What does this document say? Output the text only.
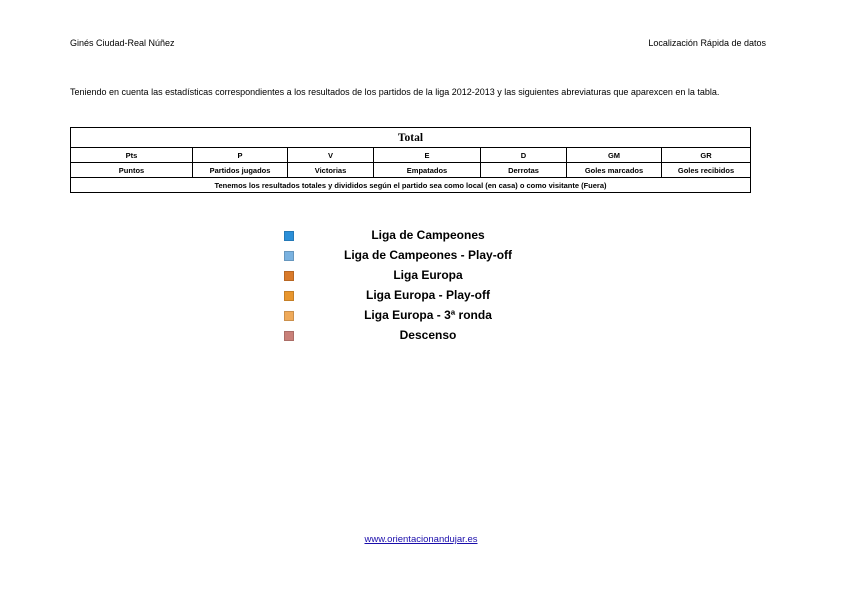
Ginés Ciudad-Real Núñez	Localización Rápida de datos
Teniendo en cuenta las estadísticas correspondientes a los resultados de los partidos de la liga 2012-2013 y las siguientes abreviaturas que aparexcen en la tabla.
Total						
Pts	P	V	E	D	GM	GR
Puntos	Partidos jugados	Victorias	Empatados	Derrotas	Goles marcados	Goles recibidos
Tenemos los resultados totales y divididos según el partido sea como local (en casa) o como visitante (Fuera)						
Liga de Campeones
Liga de Campeones - Play-off
Liga Europa
Liga Europa - Play-off
Liga Europa - 3ª ronda
Descenso
www.orientacionandujar.es
